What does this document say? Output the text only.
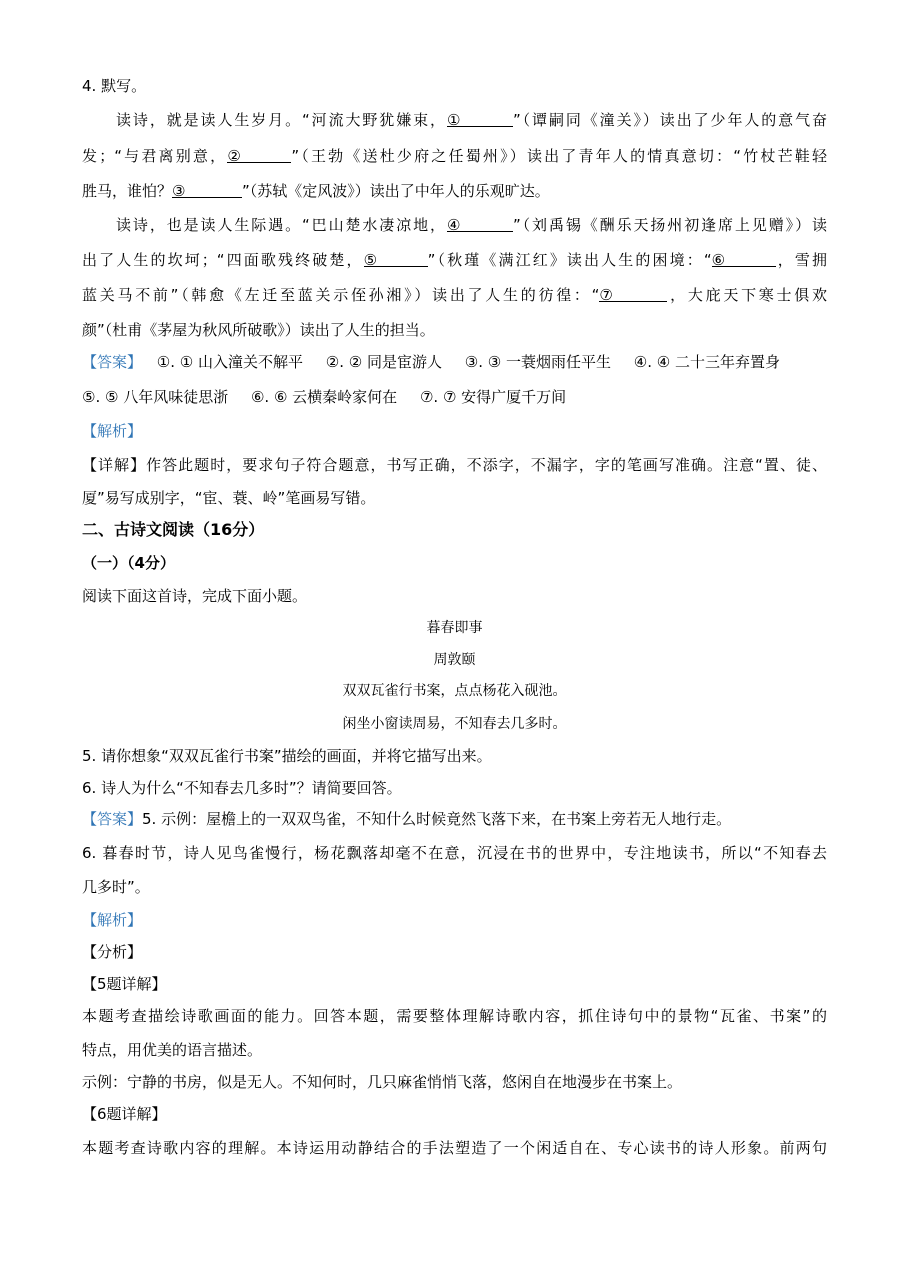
4. 默写。
读诗，就是读人生岁月。“河流大野犹嫌束，①	”（谭嗣同《潼关》）读出了少年人的意气奋
发；“与君离别意，②	”（王勃《送杜少府之任蜀州》）读出了青年人的情真意切：“竹杖芒鞋轻
胜马，谁怕？③	”（苏轼《定风波》）读出了中年人的乐观旷达。
读诗，也是读人生际遇。“巴山楚水凄凉地，④	”（刘禹锡《酬乐天扬州初逢席上见赠》）读
出了人生的坎坷；“四面歌残终破楚，⑤	”（秋瑾《满江红》读出人生的困境：“⑥	，雪拥
蓝关马不前”（韩愈《左迁至蓝关示侄孙湘》）读出了人生的彷徨：“⑦	，大庇天下寒士俱欢
颜”（杜甫《茅屋为秋风所破歌》）读出了人生的担当。
【答案】 ①. ① 山入潼关不解平 ②. ② 同是宦游人 ③. ③ 一蓑烟雨任平生 ④. ④ 二十三年弃置身
⑤. ⑤ 八年风味徒思浙 ⑥. ⑥ 云横秦岭家何在 ⑦. ⑦ 安得广厦千万间
【解析】
【详解】作答此题时，要求句子符合题意，书写正确，不添字，不漏字，字的笔画写准确。注意“置、徒、
厦”易写成别字，“宦、蓑、岭”笔画易写错。
二、古诗文阅读（16分）
（一）（4分）
阅读下面这首诗，完成下面小题。
暮春即事
周敦颐
双双瓦雀行书案，点点杨花入砚池。
闲坐小窗读周易，不知春去几多时。
5. 请你想象“双双瓦雀行书案”描绘的画面，并将它描写出来。
6. 诗人为什么“不知春去几多时”？请简要回答。
【答案】5. 示例：屋檐上的一双双鸟雀，不知什么时候竟然飞落下来，在书案上旁若无人地行走。
6. 暮春时节，诗人见鸟雀慢行，杨花飘落却毫不在意，沉浸在书的世界中，专注地读书，所以“不知春去
几多时”。
【解析】
【分析】
【5题详解】
本题考查描绘诗歌画面的能力。回答本题，需要整体理解诗歌内容，抓住诗句中的景物“瓦雀、书案”的
特点，用优美的语言描述。
示例：宁静的书房，似是无人。不知何时，几只麻雀悄悄飞落，悠闲自在地漫步在书案上。
【6题详解】
本题考查诗歌内容的理解。本诗运用动静结合的手法塑造了一个闲适自在、专心读书的诗人形象。前两句
